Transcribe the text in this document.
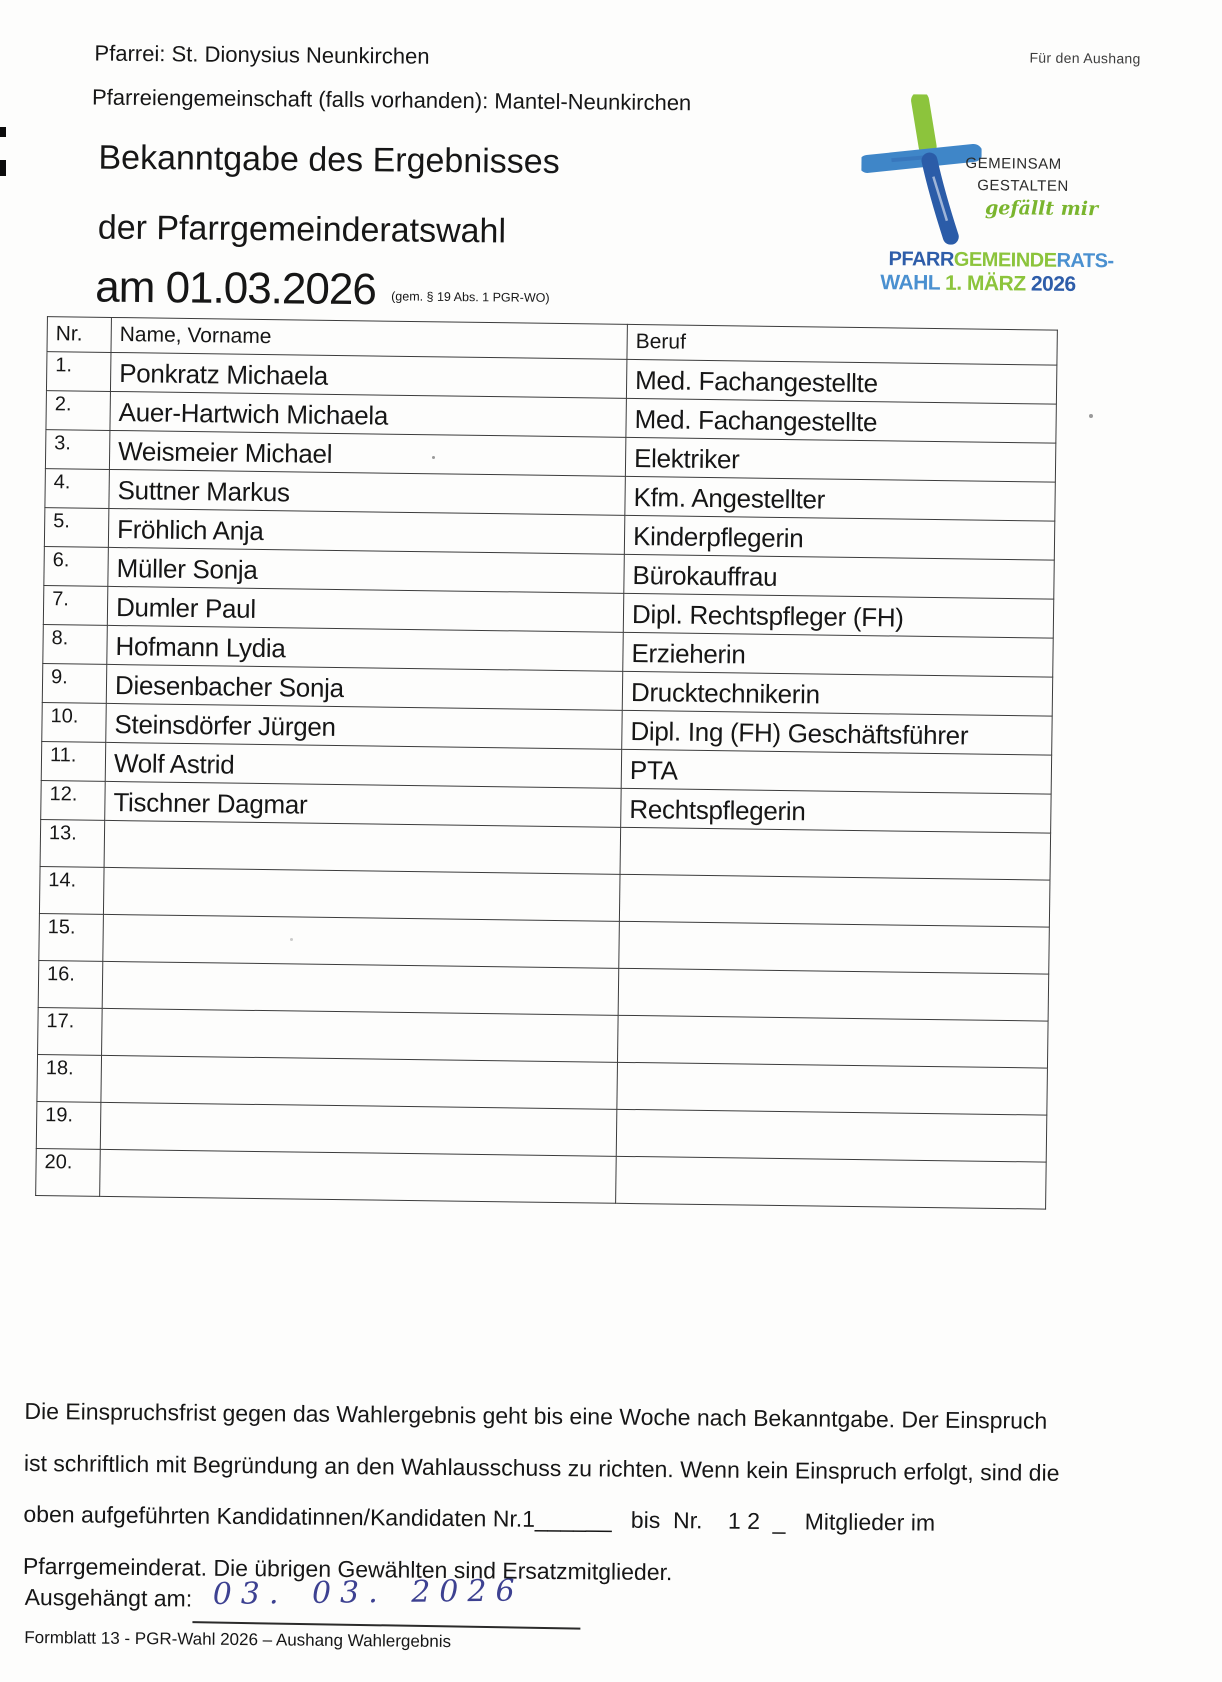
Für den Aushang
Pfarrei: St. Dionysius Neunkirchen
Pfarreiengemeinschaft (falls vorhanden): Mantel-Neunkirchen
Bekanntgabe des Ergebnisses
der Pfarrgemeinderatswahl
am 01.03.2026 (gem. § 19 Abs. 1 PGR-WO)
GEMEINSAM
GESTALTEN
gefällt mir
PFARRGEMEINDERATS-
WAHL 1. MÄRZ 2026
Nr.	Name, Vorname	Beruf
1.	Ponkratz Michaela	Med. Fachangestellte
2.	Auer-Hartwich Michaela	Med. Fachangestellte
3.	Weismeier Michael	Elektriker
4.	Suttner Markus	Kfm. Angestellter
5.	Fröhlich Anja	Kinderpflegerin
6.	Müller Sonja	Bürokauffrau
7.	Dumler Paul	Dipl. Rechtspfleger (FH)
8.	Hofmann Lydia	Erzieherin
9.	Diesenbacher Sonja	Drucktechnikerin
10.	Steinsdörfer Jürgen	Dipl. Ing (FH) Geschäftsführer
11.	Wolf Astrid	PTA
12.	Tischner Dagmar	Rechtspflegerin
13.		
14.		
15.		
16.		
17.		
18.		
19.		
20.		
Die Einspruchsfrist gegen das Wahlergebnis geht bis eine Woche nach Bekanntgabe. Der Einspruch
ist schriftlich mit Begründung an den Wahlausschuss zu richten. Wenn kein Einspruch erfolgt, sind die
oben aufgeführten Kandidatinnen/Kandidaten Nr.1______   bis  Nr.    1 2  _   Mitglieder im
Pfarrgemeinderat. Die übrigen Gewählten sind Ersatzmitglieder.
Ausgehängt am: 03. 03. 2026
Formblatt 13 - PGR-Wahl 2026 – Aushang Wahlergebnis
